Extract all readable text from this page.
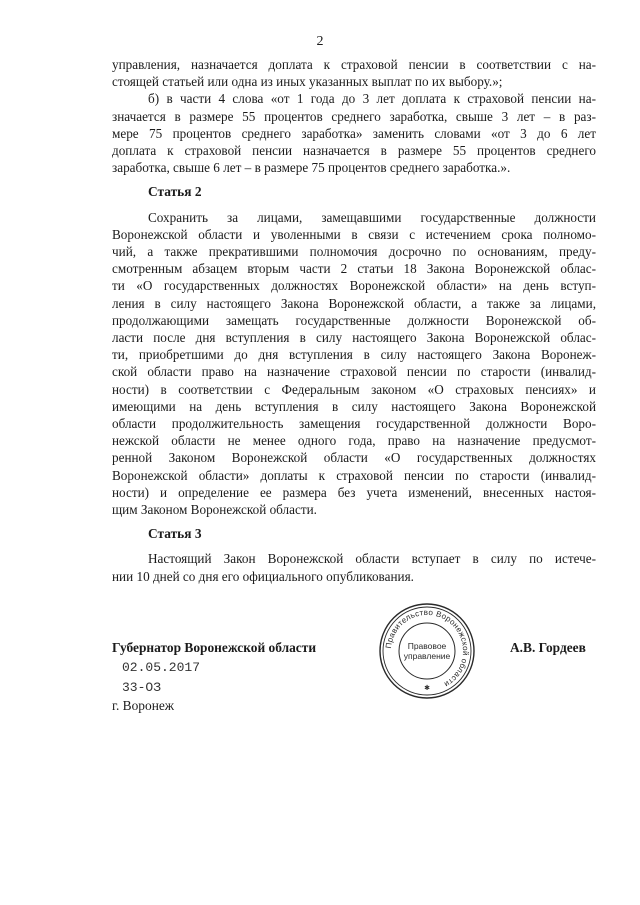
2
управления, назначается доплата к страховой пенсии в соответствии с на-
стоящей статьей или одна из иных указанных выплат по их выбору.»;
б) в части 4 слова «от 1 года до 3 лет доплата к страховой пенсии на-
значается в размере 55 процентов среднего заработка, свыше 3 лет – в раз-
мере 75 процентов среднего заработка» заменить словами «от 3 до 6 лет
доплата к страховой пенсии назначается в размере 55 процентов среднего
заработка, свыше 6 лет – в размере 75 процентов среднего заработка.».
Статья 2
Сохранить за лицами, замещавшими государственные должности
Воронежской области и уволенными в связи с истечением срока полномо-
чий, а также прекратившими полномочия досрочно по основаниям, преду-
смотренным абзацем вторым части 2 статьи 18 Закона Воронежской облас-
ти «О государственных должностях Воронежской области» на день вступ-
ления в силу настоящего Закона Воронежской области, а также за лицами,
продолжающими замещать государственные должности Воронежской об-
ласти после дня вступления в силу настоящего Закона Воронежской облас-
ти, приобретшими до дня вступления в силу настоящего Закона Воронеж-
ской области право на назначение страховой пенсии по старости (инвалид-
ности) в соответствии с Федеральным законом «О страховых пенсиях» и
имеющими на день вступления в силу настоящего Закона Воронежской
области продолжительность замещения государственной должности Воро-
нежской области не менее одного года, право на назначение предусмот-
ренной Законом Воронежской области «О государственных должностях
Воронежской области» доплаты к страховой пенсии по старости (инвалид-
ности) и определение ее размера без учета изменений, внесенных настоя-
щим Законом Воронежской области.
Статья 3
Настоящий Закон Воронежской области вступает в силу по истече-
нии 10 дней со дня его официального опубликования.
Губернатор Воронежской области	А.В. Гордеев
02.05.2017
33-ОЗ
г. Воронеж
Правительство Воронежской области
Правовое
управление
✱
